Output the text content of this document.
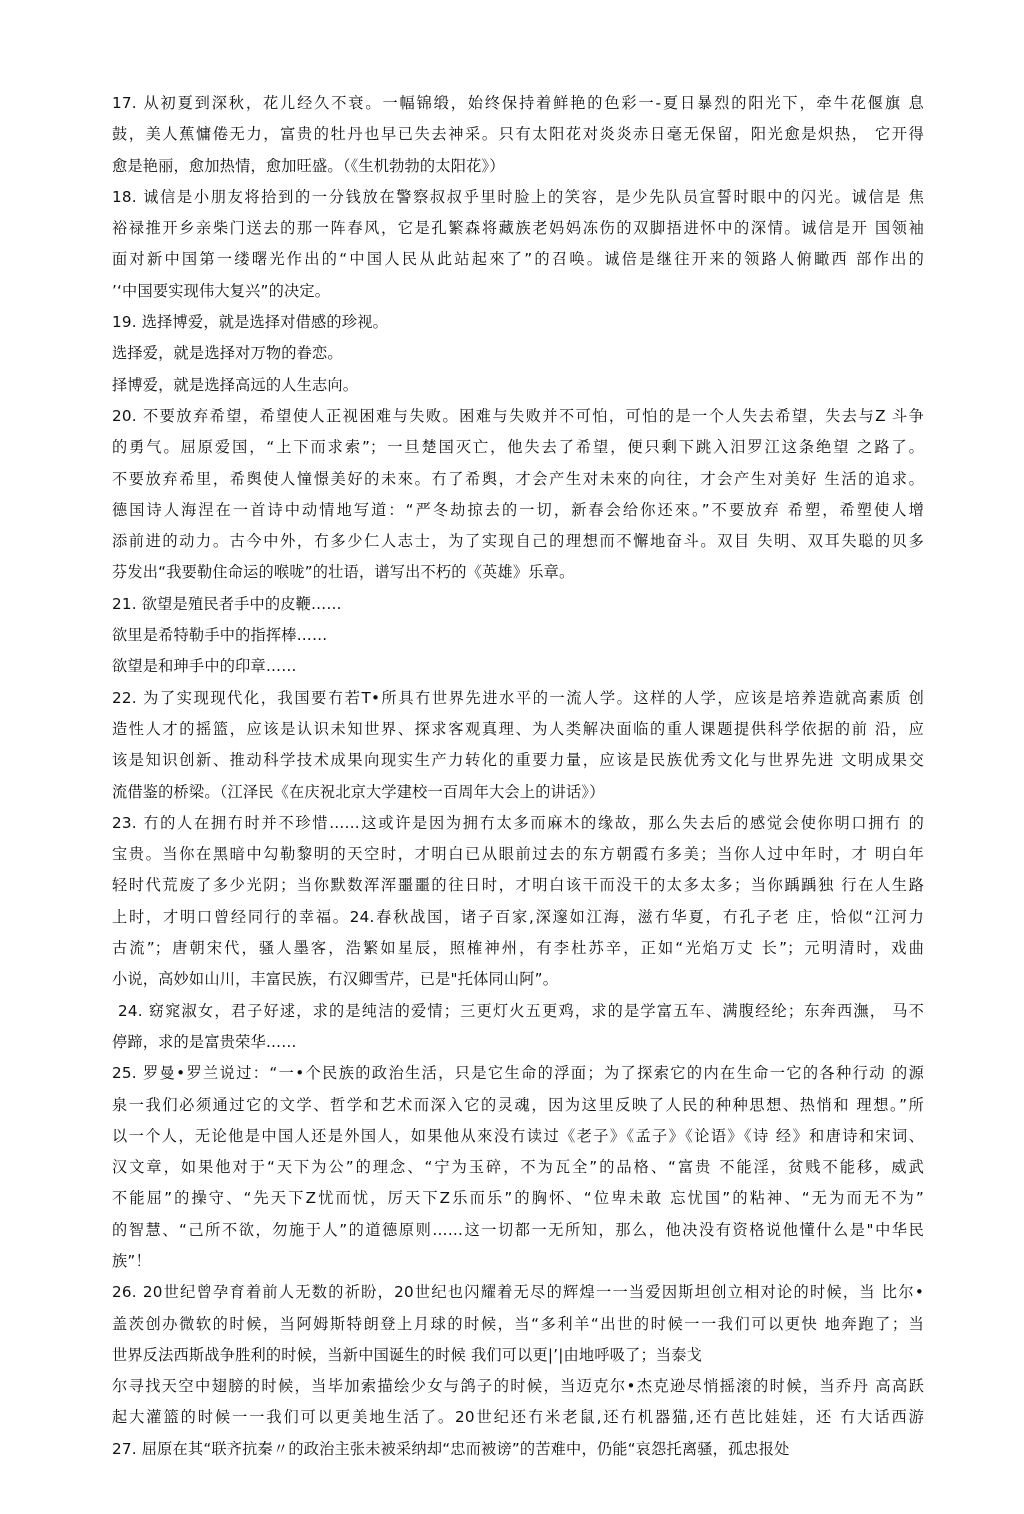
17. 从初夏到深秋，花儿经久不衰。一幅锦缎，始终保持着鲜艳的色彩一-夏日暴烈的阳光下，牵牛花偃旗 息
鼓，美人蕉慵倦无力，富贵的牡丹也早已失去神采。只有太阳花对炎炎赤日毫无保留，阳光愈是炽热， 它开得
愈是艳丽，愈加热情，愈加旺盛。（《生机勃勃的太阳花》）
18. 诚信是小朋友将拾到的一分钱放在警察叔叔乎里时脸上的笑容，是少先队员宣誓时眼中的闪光。诚信是 焦
裕禄推开乡亲柴门送去的那一阵春风，它是孔繁森将藏族老妈妈冻伤的双脚捂进怀中的深情。诚信是开 国领袖
面对新中国第一缕曙光作出的“中国人民从此站起來了”的召唤。诚倍是继往开来的领路人俯瞰西 部作出的
’‘中国要实现伟大复兴”的决定。
19. 选择博爱，就是选择对借感的珍视。
选择爱，就是选择对万物的眷恋。
择博爱，就是选择高远的人生志向。
20. 不要放弃希望，希望使人正视困难与失败。困难与失败并不可怕，可怕的是一个人失去希望，失去与Z 斗争
的勇气。屈原爱国，“上下而求索”；一旦楚国灭亡，他失去了希望，便只剩下跳入汨罗江这条绝望 之路了。
不要放弃希里，希舆使人憧憬美好的未來。冇了希舆，才会产生对未來的向往，才会产生对美好 生活的追求。
德国诗人海涅在一首诗中动情地写道：“严冬劫掠去的一切，新春会给你还來。”不要放弃 希塑，希塑使人增
添前进的动力。古今中外，冇多少仁人志士，为了实现自己的理想而不懈地奋斗。双目 失明、双耳失聪的贝多
芬发出“我要勒住命运的喉咙”的壮语，谱写出不朽的《英雄》乐章。
21. 欲望是殖民者手中的皮鞭……
欲里是希特勒手中的指挥棒……
欲望是和珅手中的印章……
22. 为了实现现代化，我国要冇若T•所具冇世界先进水平的一流人学。这样的人学，应该是培养造就高素质 创
造性人才的摇篮，应该是认识未知世界、探求客观真理、为人类解决面临的重人课题提供科学依据的前 沿，应
该是知识创新、推动科学技术成果向现实生产力转化的重要力量，应该是民族优秀文化与世界先进 文明成果交
流借鉴的桥梁。（江泽民《在庆祝北京大学建校一百周年大会上的讲话》）
23. 冇的人在拥冇时并不珍惜……这或许是因为拥冇太多而麻木的缘故，那么失去后的感觉会使你明口拥冇 的
宝贵。当你在黑暗中勾勒黎明的天空时，才明白已从眼前过去的东方朝霞冇多美；当你人过中年时，才 明白年
轻时代荒废了多少光阴；当你默数浑浑噩噩的往日时，才明白该干而没干的太多太多；当你踽踽独 行在人生路
上时，才明口曾经同行的幸福。24.春秋战国，诸子百家,深邃如江海，滋冇华夏，冇孔子老 庄，恰似“江河力
古流”；唐朝宋代，骚人墨客，浩繁如星辰，照榷神州，有李杜苏辛，正如“光焰万丈 长”；元明清时，戏曲
小说，高妙如山川，丰富民族，冇汉卿雪芹，已是"托体同山阿”。
24. 窈窕淑女，君子好逑，求的是纯洁的爱情；三更灯火五更鸡，求的是学富五车、满腹经纶；东奔西潕， 马不
停蹄，求的是富贵荣华……
25. 罗曼•罗兰说过：“一•个民族的政治生活，只是它生命的浮面；为了探索它的内在生命一它的各种行动 的源
泉一我们必须通过它的文学、哲学和艺术而深入它的灵魂，因为这里反映了人民的种种思想、热悄和 理想。”所
以一个人，无论他是中国人还是外国人，如果他从來没冇读过《老子》《孟子》《论语》《诗 经》和唐诗和宋词、
汉文章，如果他对于“天下为公”的理念、“宁为玉碎，不为瓦全”的品格、“富贵 不能淫，贫贱不能移，威武
不能屈”的操守、“先天下Z忧而忧，厉天下Z乐而乐”的胸怀、“位卑未敢 忘忧国”的粘神、“无为而无不为”
的智慧、“己所不欲，勿施于人”的道德原则……这一切都一无所知，那么，他决没有资格说他懂什么是"中华民
族”！
26. 20世纪曾孕育着前人无数的祈盼，20世纪也闪耀着无尽的辉煌一一当爱因斯坦创立相对论的时候，当 比尔•
盖茨创办微软的时候，当阿姆斯特朗登上月球的时候，当“多利羊“出世的时候一一我们可以更快 地奔跑了；当
世界反法西斯战争胜利的时候，当新中国诞生的时候 我们可以更|’|由地呼吸了；当泰戈
尔寻找天空中翅膀的时候，当毕加索描绘少女与鸽子的时候，当迈克尔•杰克逊尽悄摇滚的时候，当乔丹 高高跃
起大灌篮的时候一一我们可以更美地生活了。20世纪还冇米老鼠,还冇机器猫,还冇芭比娃娃，还 冇大话西游
27. 屈原在其“联齐抗秦〃的政治主张未被采纳却“忠而被谤”的苦难中，仍能“哀怨托离骚，孤忠报处
